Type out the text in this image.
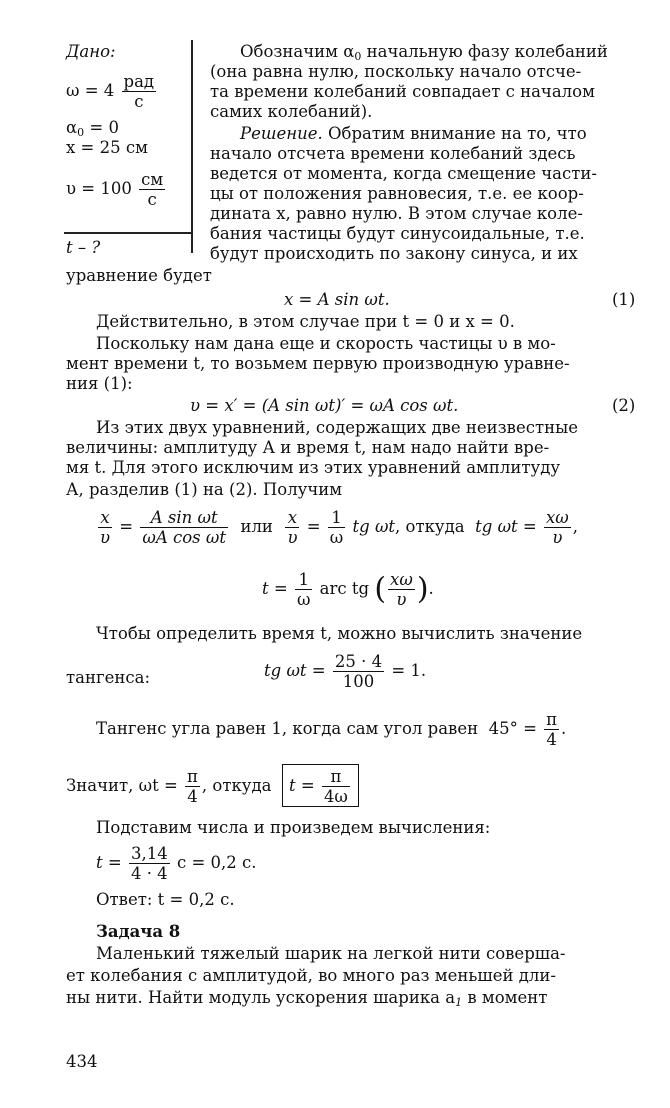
Дано:
$\omega = 4 \frac{\text{рад}}{с}$
$\alpha_0 = 0$
x = 25 см
$\upsilon = 100 \frac{см}{с}$
t – ?
Обозначим $\alpha_0$ начальную фазу колебаний
(она равна нулю, поскольку начало отсче-
та времени колебаний совпадает с началом
самих колебаний).
Решение. Обратим внимание на то, что
начало отсчета времени колебаний здесь
ведется от момента, когда смещение части-
цы от положения равновесия, т.е. ее коор-
дината x, равно нулю. В этом случае коле-
бания частицы будут синусоидальные, т.е.
будут происходить по закону синуса, и их
уравнение будет
x = A sin ωt.	(1)
Действительно, в этом случае при t = 0 и x = 0.
Поскольку нам дана еще и скорость частицы υ в мо-
мент времени t, то возьмем первую производную уравне-
ния (1):
υ = x′ = (A sin ωt)′ = ωA cos ωt.	(2)
Из этих двух уравнений, содержащих две неизвестные
величины: амплитуду А и время t, нам надо найти вре-
мя t. Для этого исключим из этих уравнений амплитуду
А, разделив (1) на (2). Получим
$\frac{x}{\upsilon} = \frac{\text{A sin ωt}}{\text{ωA cos ωt}}$ или $\frac{x}{\upsilon} = \frac{1}{\omega}$ tg ωt, откуда tg $\omega t = \frac{x\omega}{\upsilon}$ ,
$t = \frac{1}{\omega}$ arc tg ( $\frac{x\omega}{\upsilon}$ ).
Чтобы определить время t, можно вычислить значение
тангенса:	tg $\omega t = \frac{25 \cdot 4}{100} = 1$.
Тангенс угла равен 1, когда сам угол равен $45^\circ = \frac{\pi}{4}$ .
Значит, $\omega t = \frac{\pi}{4}$ , откуда $t = \frac{\pi}{4\omega}$
Подставим числа и произведем вычисления:
$t = \frac{3,14}{4 \cdot 4}$ с = 0,2 с.
Ответ: t = 0,2 с.
Задача 8
Маленький тяжелый шарик на легкой нити соверша-
ет колебания с амплитудой, во много раз меньшей дли-
ны нити. Найти модуль ускорения шарика $a_1$ в момент
434
